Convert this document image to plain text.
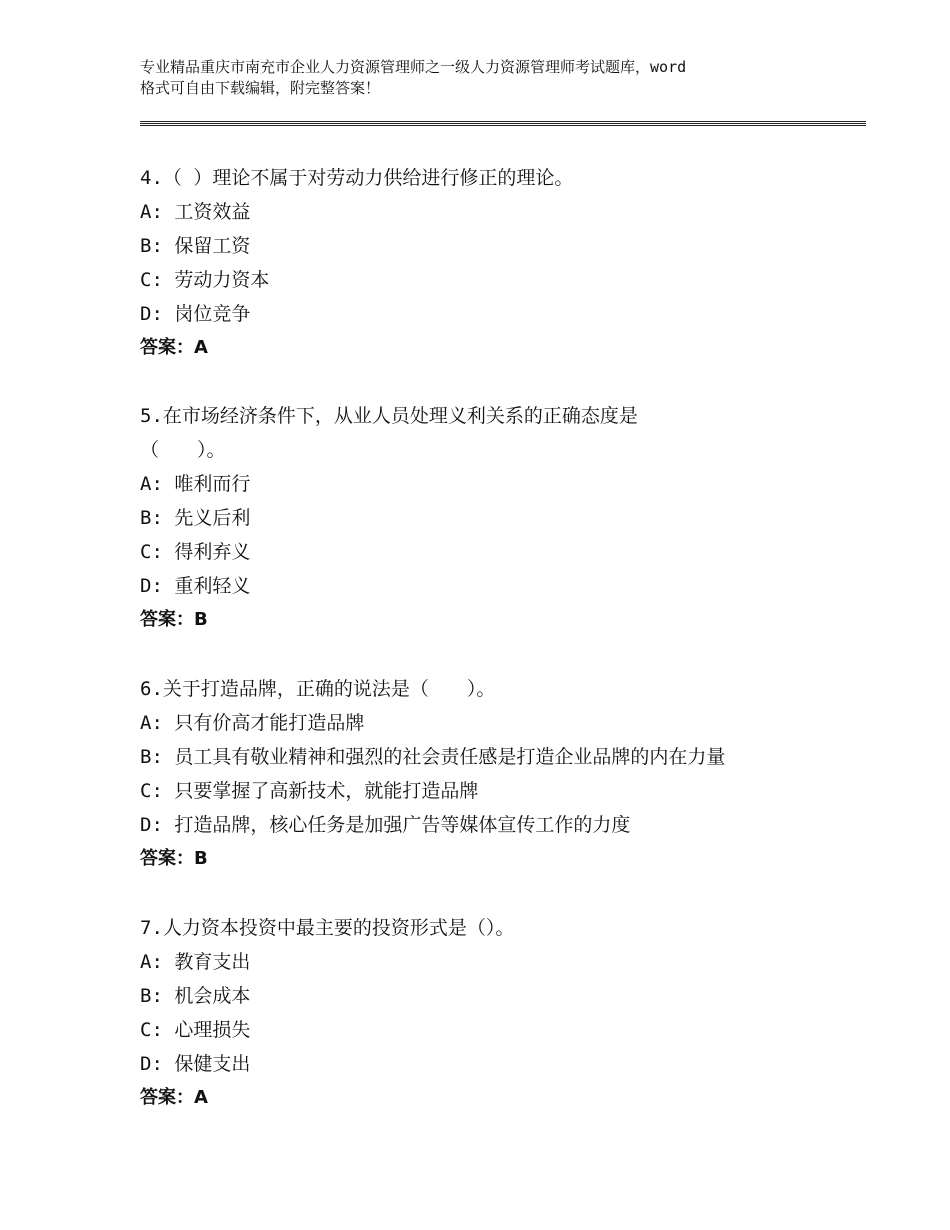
专业精品重庆市南充市企业人力资源管理师之一级人力资源管理师考试题库，word
格式可自由下载编辑，附完整答案！
4.（ ）理论不属于对劳动力供给进行修正的理论。
A: 工资效益
B: 保留工资
C: 劳动力资本
D: 岗位竞争
答案：A
5.在市场经济条件下，从业人员处理义利关系的正确态度是（　　）。
A: 唯利而行
B: 先义后利
C: 得利弃义
D: 重利轻义
答案：B
6.关于打造品牌，正确的说法是（　　）。
A: 只有价高才能打造品牌
B: 员工具有敬业精神和强烈的社会责任感是打造企业品牌的内在力量
C: 只要掌握了高新技术，就能打造品牌
D: 打造品牌，核心任务是加强广告等媒体宣传工作的力度
答案：B
7.人力资本投资中最主要的投资形式是（）。
A: 教育支出
B: 机会成本
C: 心理损失
D: 保健支出
答案：A
